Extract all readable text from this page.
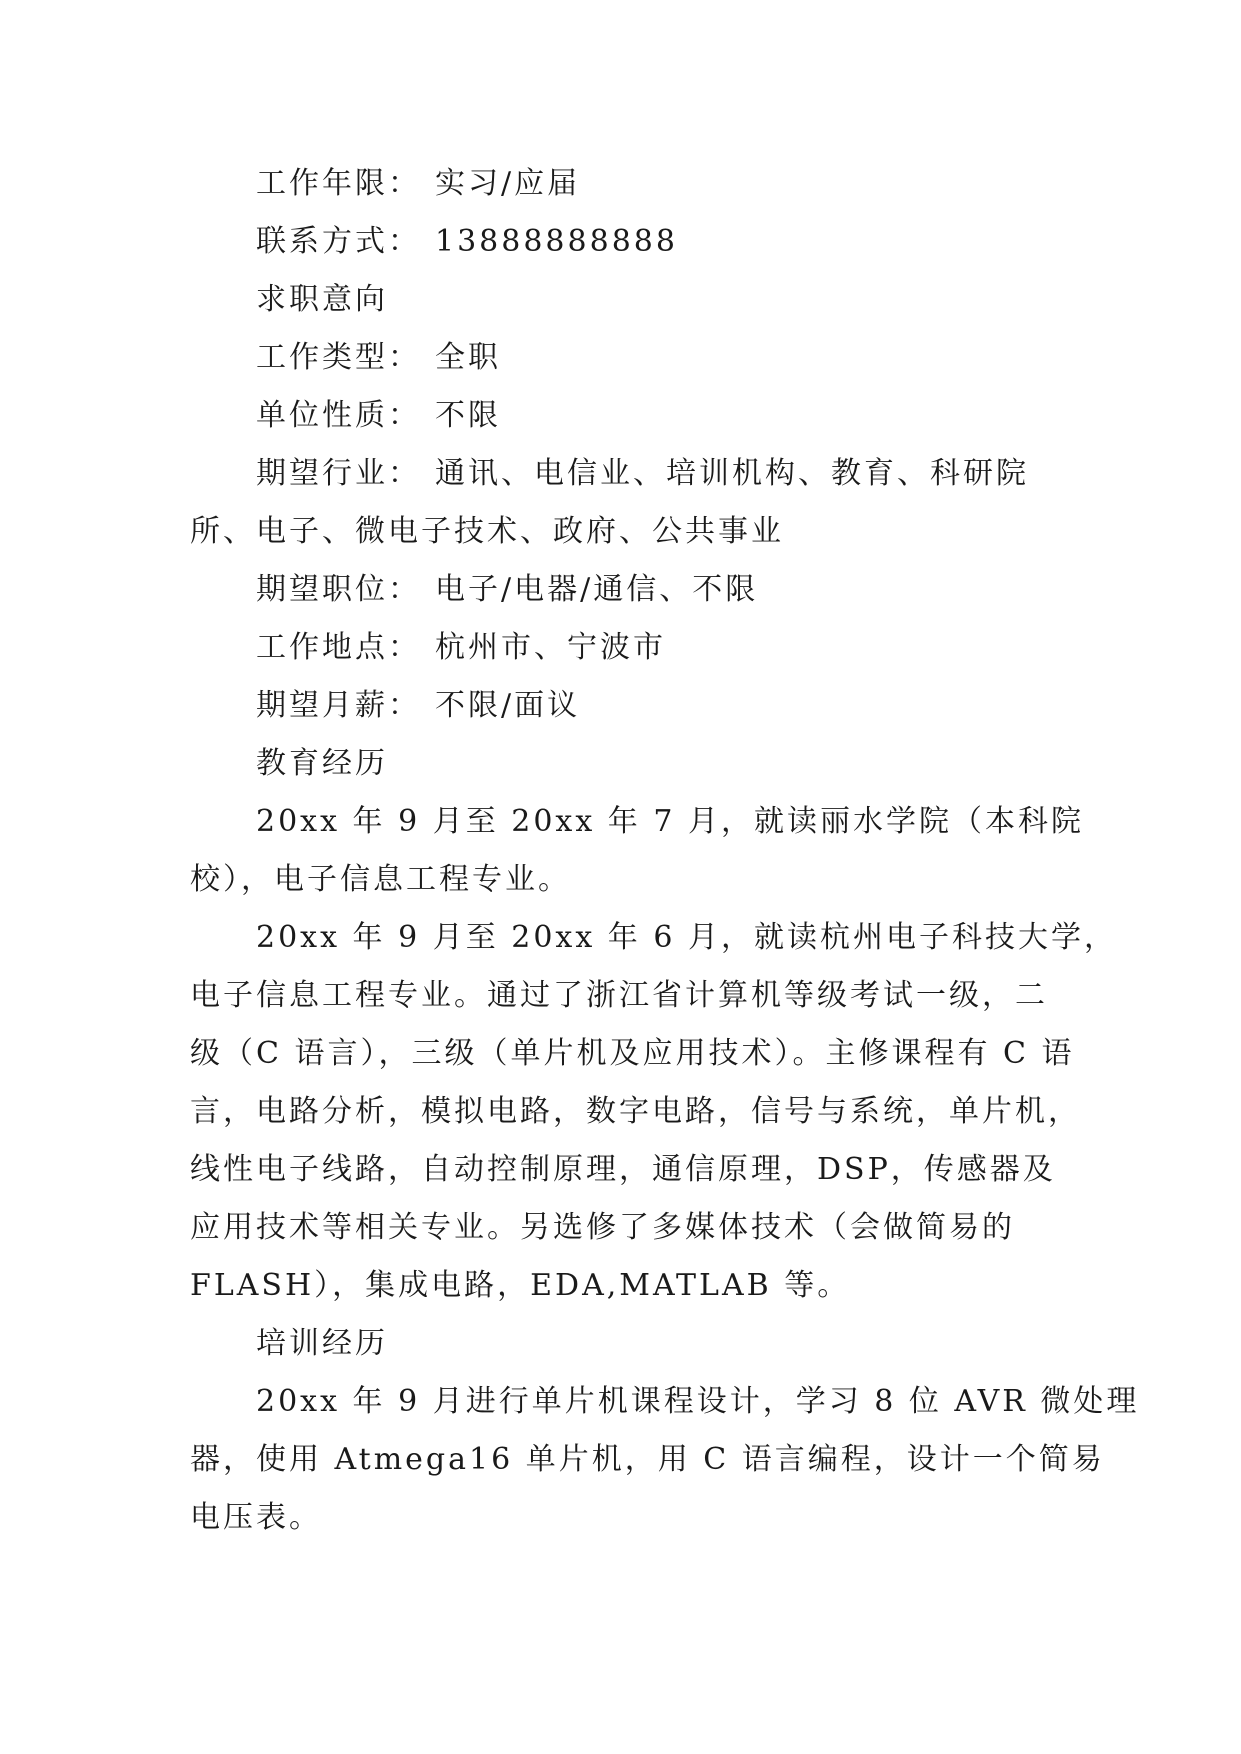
工作年限： 实习/应届
联系方式： 13888888888
求职意向
工作类型： 全职
单位性质： 不限
期望行业： 通讯、电信业、培训机构、教育、科研院
所、电子、微电子技术、政府、公共事业
期望职位： 电子/电器/通信、不限
工作地点： 杭州市、宁波市
期望月薪： 不限/面议
教育经历
20xx 年 9 月至 20xx 年 7 月，就读丽水学院（本科院
校），电子信息工程专业。
20xx 年 9 月至 20xx 年 6 月，就读杭州电子科技大学，
电子信息工程专业。通过了浙江省计算机等级考试一级，二
级（C 语言），三级（单片机及应用技术）。主修课程有 C 语
言，电路分析，模拟电路，数字电路，信号与系统，单片机，
线性电子线路，自动控制原理，通信原理，DSP，传感器及
应用技术等相关专业。另选修了多媒体技术（会做简易的
FLASH），集成电路，EDA,MATLAB 等。
培训经历
20xx 年 9 月进行单片机课程设计，学习 8 位 AVR 微处理
器，使用 Atmega16 单片机，用 C 语言编程，设计一个简易
电压表。
